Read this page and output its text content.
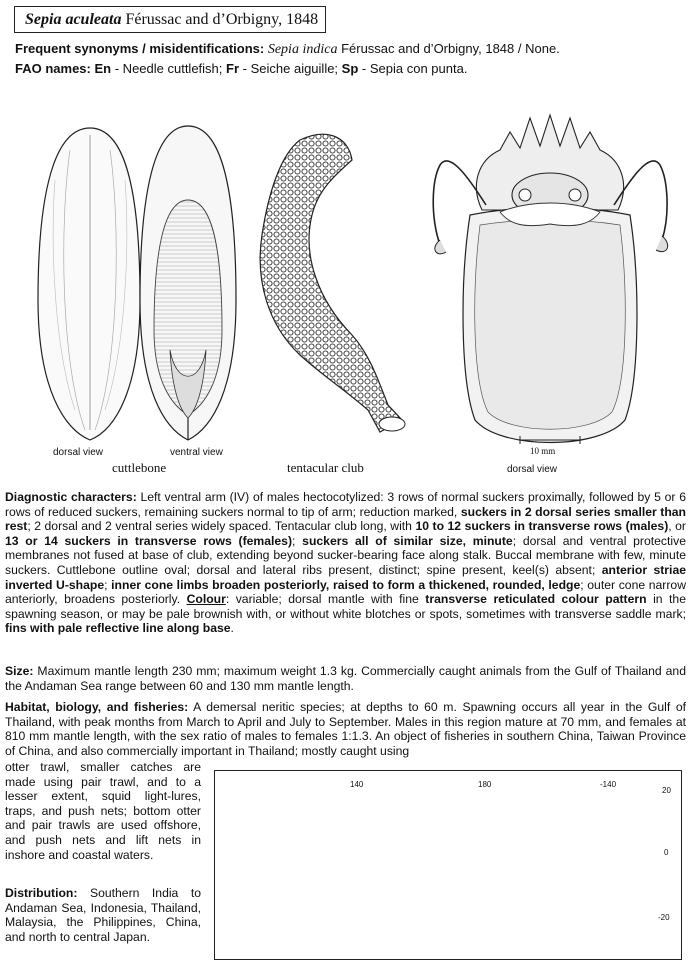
Sepia aculeata Férussac and d’Orbigny, 1848
Frequent synonyms / misidentifications: Sepia indica Férussac and d’Orbigny, 1848 / None.
FAO names: En - Needle cuttlefish; Fr - Seiche aiguille; Sp - Sepia con punta.
dorsal view	ventral view
cuttlebone	tentacular club
10 mm
dorsal view

Diagnostic characters: Left ventral arm (IV) of males hectocotylized: 3 rows of normal suckers proximally, followed by 5 or 6 rows of reduced suckers, remaining suckers normal to tip of arm; reduction marked, suckers in 2 dorsal series smaller than rest; 2 dorsal and 2 ventral series widely spaced. Tentacular club long, with 10 to 12 suckers in transverse rows (males), or 13 or 14 suckers in transverse rows (females); suckers all of similar size, minute; dorsal and ventral protective membranes not fused at base of club, extending beyond sucker-bearing face along stalk. Buccal membrane with few, minute suckers. Cuttlebone outline oval; dorsal and lateral ribs present, distinct; spine present, keel(s) absent; anterior striae inverted U-shape; inner cone limbs broaden posteriorly, raised to form a thickened, rounded, ledge; outer cone narrow anteriorly, broadens posteriorly. Colour: variable; dorsal mantle with fine transverse reticulated colour pattern in the spawning season, or may be pale brownish with, or without white blotches or spots, sometimes with transverse saddle mark; fins with pale reflective line along base.

Size: Maximum mantle length 230 mm; maximum weight 1.3 kg. Commercially caught animals from the Gulf of Thailand and the Andaman Sea range between 60 and 130 mm mantle length.

Habitat, biology, and fisheries: A demersal neritic species; at depths to 60 m. Spawning occurs all year in the Gulf of Thailand, with peak months from March to April and July to September. Males in this region mature at 70 mm, and females at 810 mm mantle length, with the sex ratio of males to females 1:1.3. An object of fisheries in southern China, Taiwan Province of China, and also commercially important in Thailand; mostly caught using

otter trawl, smaller catches are made using pair trawl, and to a lesser extent, squid light-lures, traps, and push nets; bottom otter and pair trawls are used offshore, and push nets and lift nets in inshore and coastal waters.

Distribution: Southern India to Andaman Sea, Indonesia, Thailand, Malaysia, the Philippines, China, and north to central Japan.

140	180	-140
20
0
-20
